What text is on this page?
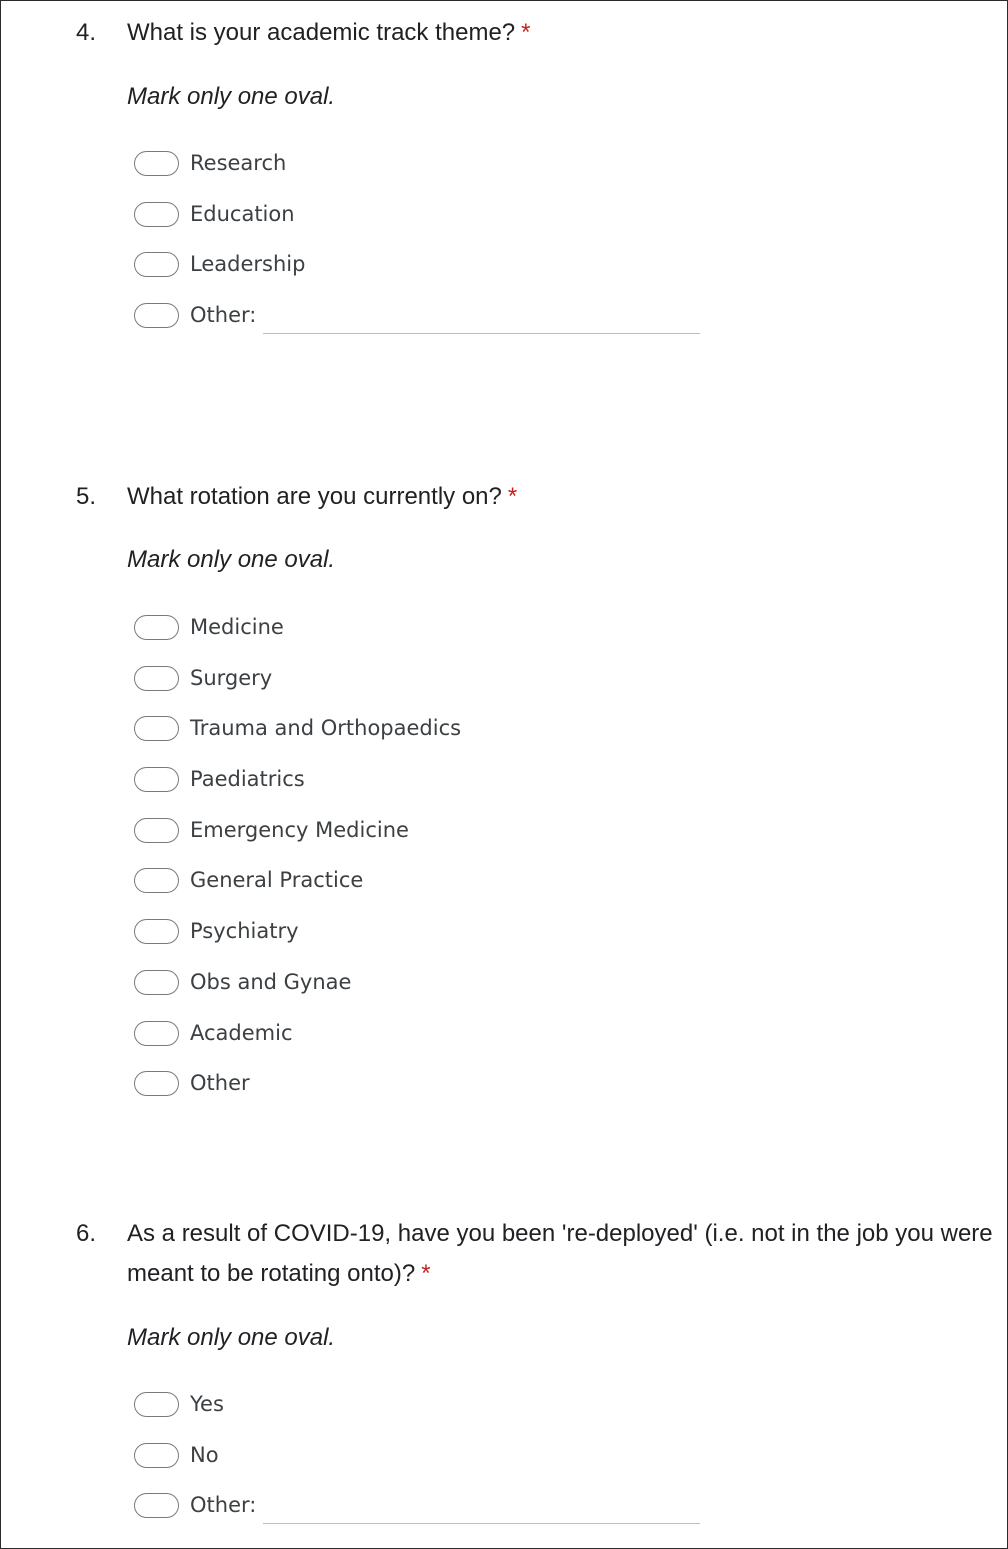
4. What is your academic track theme? *
Mark only one oval.
Research
Education
Leadership
Other:
5. What rotation are you currently on? *
Mark only one oval.
Medicine
Surgery
Trauma and Orthopaedics
Paediatrics
Emergency Medicine
General Practice
Psychiatry
Obs and Gynae
Academic
Other
6. As a result of COVID-19, have you been 're-deployed' (i.e. not in the job you were meant to be rotating onto)? *
Mark only one oval.
Yes
No
Other:
